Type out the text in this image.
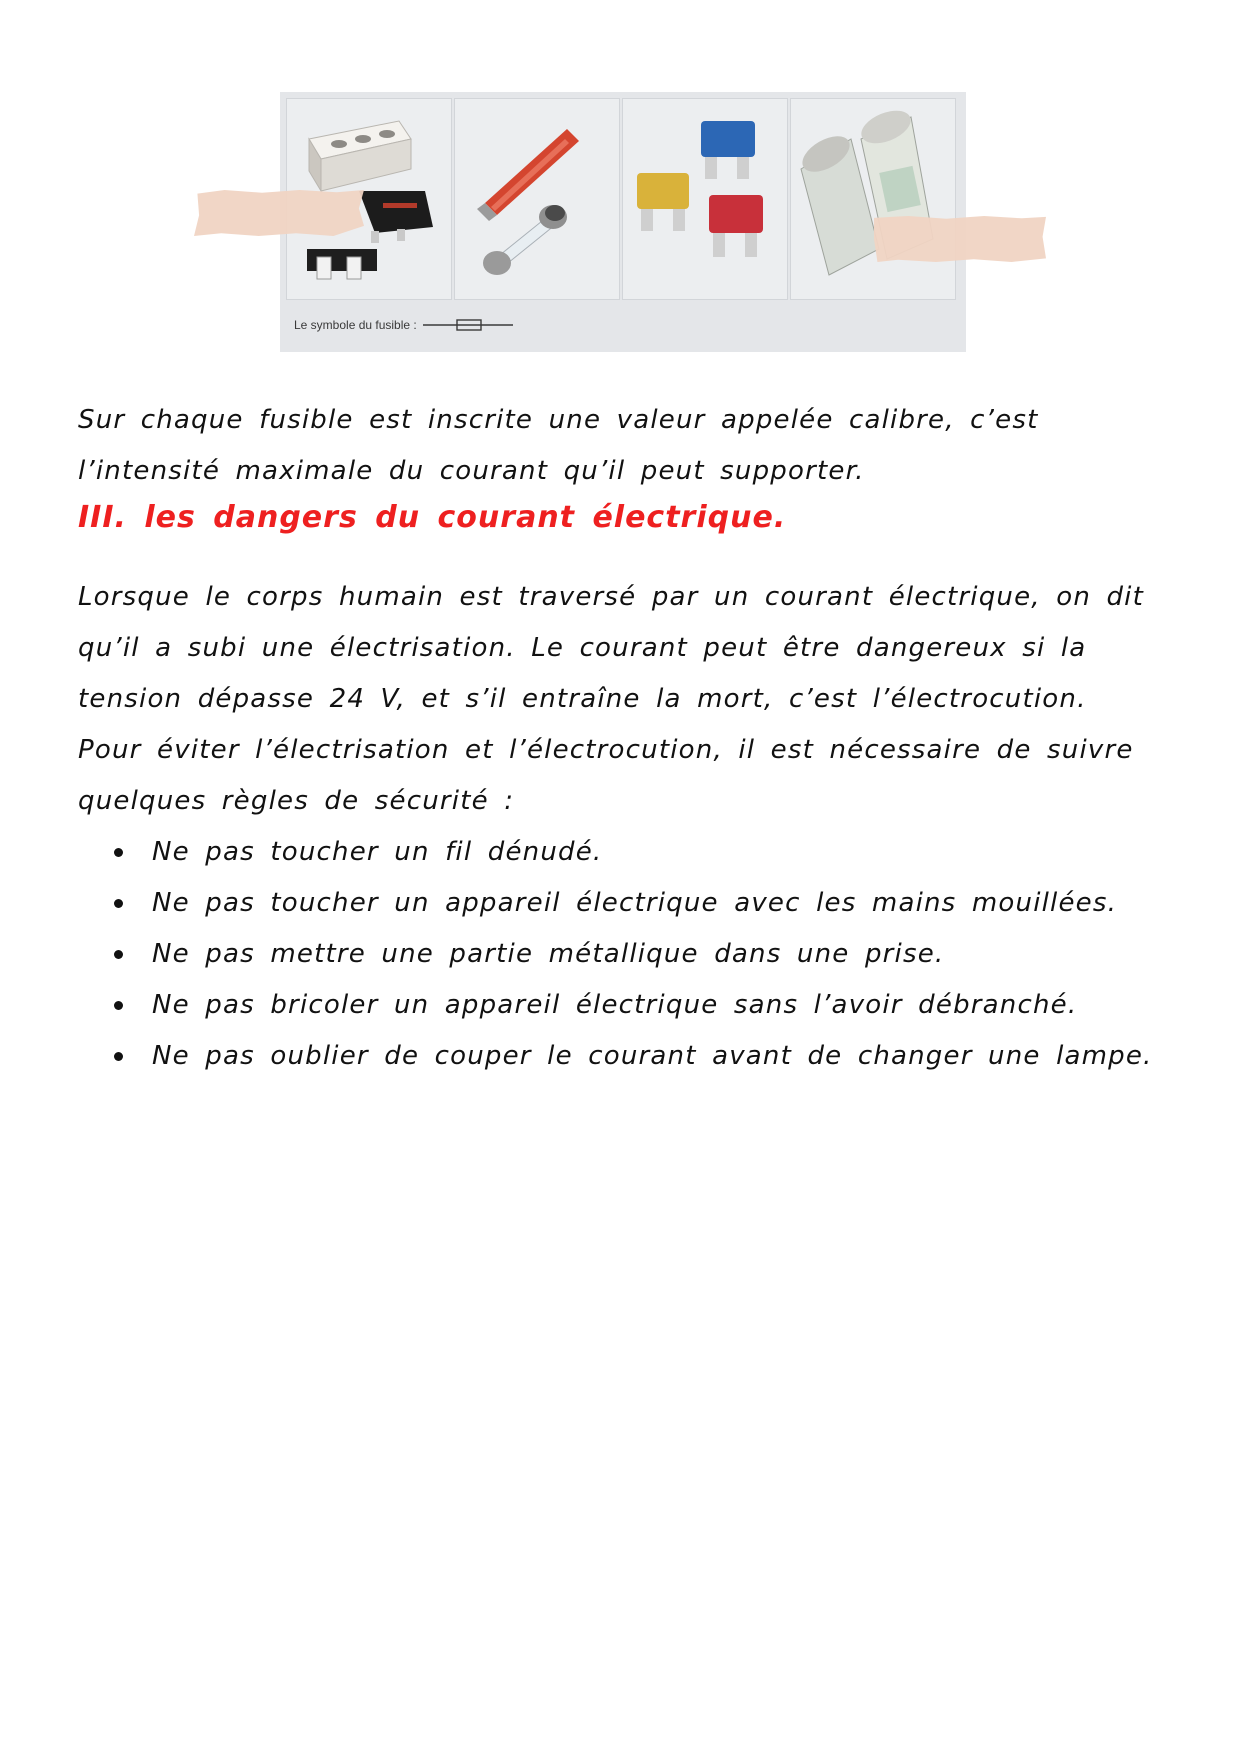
Le symbole du fusible :

Sur chaque fusible est inscrite une valeur appelée calibre, c’est l’intensité maximale du courant qu’il peut supporter.

III. les dangers du courant électrique.

Lorsque le corps humain est traversé par un courant électrique, on dit qu’il a subi une électrisation. Le courant peut être dangereux si la tension dépasse 24 V, et s’il entraîne la mort, c’est l’électrocution.

Pour éviter l’électrisation et l’électrocution, il est nécessaire de suivre quelques règles de sécurité :

Ne pas toucher un fil dénudé.
Ne pas toucher un appareil électrique avec les mains mouillées.
Ne pas mettre une partie métallique dans une prise.
Ne pas bricoler un appareil électrique sans l’avoir débranché.
Ne pas oublier de couper le courant avant de changer une lampe.
